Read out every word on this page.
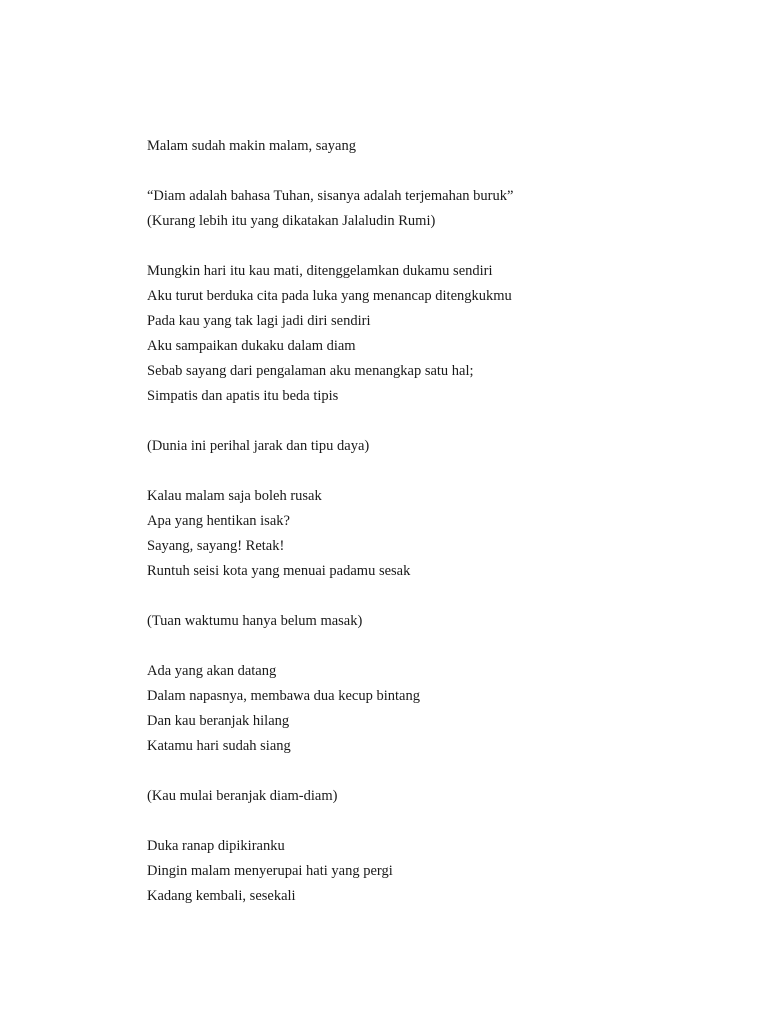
Malam sudah makin malam, sayang
“Diam adalah bahasa Tuhan, sisanya adalah terjemahan buruk”
(Kurang lebih itu yang dikatakan Jalaludin Rumi)
Mungkin hari itu kau mati, ditenggelamkan dukamu sendiri
Aku turut berduka cita pada luka yang menancap ditengkukmu
Pada kau yang tak lagi jadi diri sendiri
Aku sampaikan dukaku dalam diam
Sebab sayang dari pengalaman aku menangkap satu hal;
Simpatis dan apatis itu beda tipis
(Dunia ini perihal jarak dan tipu daya)
Kalau malam saja boleh rusak
Apa yang hentikan isak?
Sayang, sayang! Retak!
Runtuh seisi kota yang menuai padamu sesak
(Tuan waktumu hanya belum masak)
Ada yang akan datang
Dalam napasnya, membawa dua kecup bintang
Dan kau beranjak hilang
Katamu hari sudah siang
(Kau mulai beranjak diam-diam)
Duka ranap dipikiranku
Dingin malam menyerupai hati yang pergi
Kadang kembali, sesekali
